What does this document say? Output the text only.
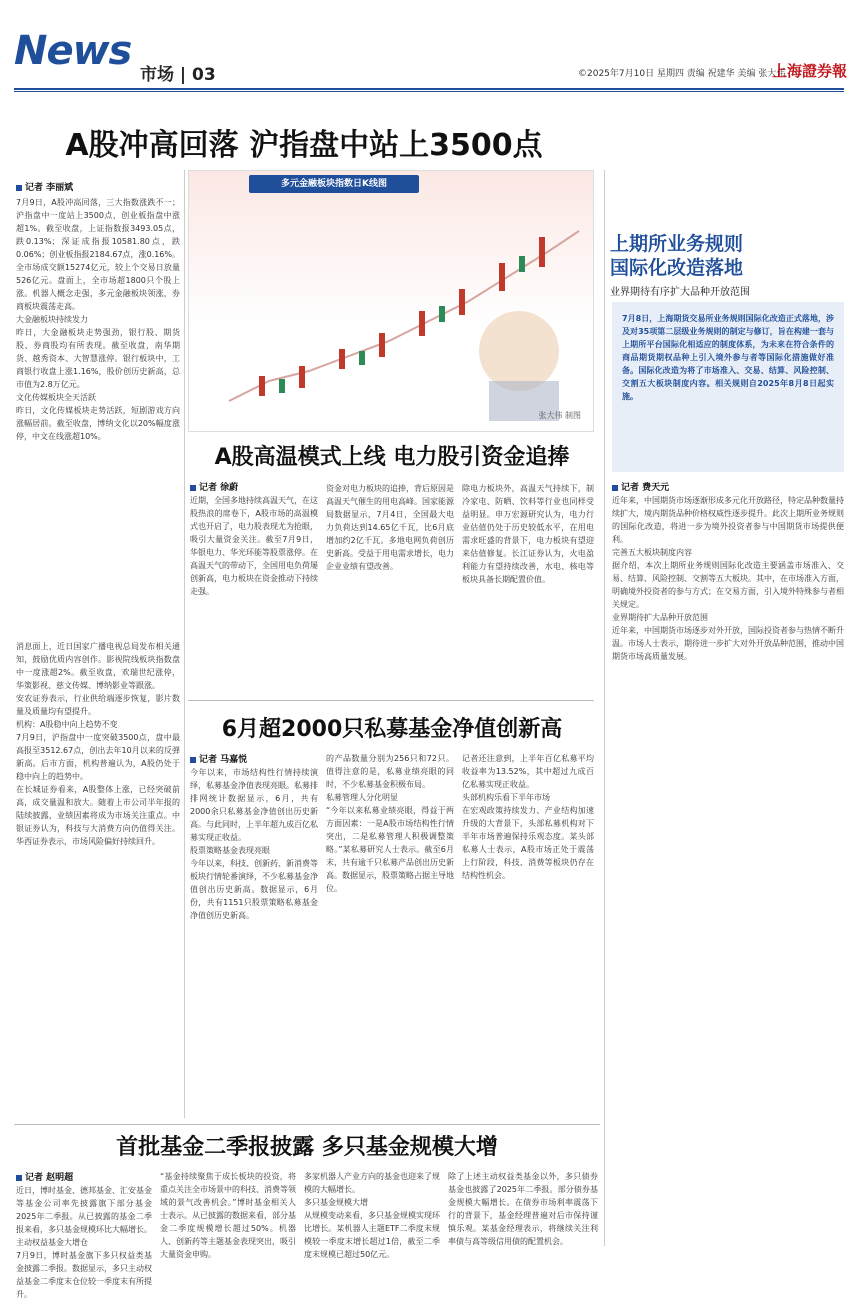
News
市场 | 03	©2025年7月10日 星期四 责编 祝建华 美编 张大伟
上海證券報
A股冲高回落 沪指盘中站上3500点
记者 李丽斌
7月9日，A股冲高回落，三大指数涨跌不一；沪指盘中一度站上3500点，创业板指盘中涨超1%。截至收盘，上证指数报3493.05点，跌0.13%；深证成指报10581.80点，跌0.06%；创业板指报2184.67点，涨0.16%。全市场成交额15274亿元，较上个交易日放量526亿元。盘面上，全市场超1800只个股上涨。机器人概念走强，多元金融板块领涨，券商板块震荡走高。
大金融板块持续发力
昨日，大金融板块走势强劲，银行股、期货股、券商股均有所表现。截至收盘，南华期货、越秀资本、大智慧涨停。银行板块中，工商银行收盘上涨1.16%，股价创历史新高，总市值为2.8万亿元。
文化传媒板块全天活跃
昨日，文化传媒板块走势活跃，短剧游戏方向涨幅居前。截至收盘，博纳文化以20%幅度涨停，中文在线涨超10%。
消息面上，近日国家广播电视总局发布相关通知，鼓励优质内容创作。影视院线板块指数盘中一度涨超2%。截至收盘，欢瑞世纪涨停，华策影视、慈文传媒、博纳影业等跟涨。
安农证券表示，行业供给端逐步恢复，影片数量及质量均有望提升。
机构：A股稳中向上趋势不变
7月9日，沪指盘中一度突破3500点，盘中最高报至3512.67点，创出去年10月以来的反弹新高。后市方面，机构普遍认为，A股仍处于稳中向上的趋势中。
在长城证券看来，A股整体上涨，已经突破前高，成交量温和放大。随着上市公司半年报的陆续披露，业绩因素将成为市场关注重点。中银证券认为，科技与大消费方向仍值得关注。华西证券表示，市场风险偏好持续回升。
多元金融板块指数日K线图
张大伟 制图
A股高温模式上线 电力股引资金追捧
记者 徐蔚
近期，全国多地持续高温天气，在这股热浪的席卷下，A股市场的高温模式也开启了，电力股表现尤为抢眼，吸引大量资金关注。截至7月9日，华银电力、华光环能等股票涨停。在高温天气的带动下，全国用电负荷屡创新高，电力板块在资金推动下持续走强。
资金对电力板块的追捧，背后原因是高温天气催生的用电高峰。国家能源局数据显示，7月4日，全国最大电力负荷达到14.65亿千瓦，比6月底增加约2亿千瓦。多地电网负荷创历史新高。受益于用电需求增长，电力企业业绩有望改善。
除电力板块外，高温天气持续下，制冷家电、防晒、饮料等行业也同样受益明显。申万宏源研究认为，电力行业估值仍处于历史较低水平，在用电需求旺盛的背景下，电力板块有望迎来估值修复。长江证券认为，火电盈利能力有望持续改善，水电、核电等板块具备长期配置价值。
6月超2000只私募基金净值创新高
记者 马嘉悦
今年以来，市场结构性行情持续演绎，私募基金净值表现亮眼。私募排排网统计数据显示，6月，共有2000余只私募基金净值创出历史新高。与此同时，上半年超九成百亿私募实现正收益。
股票策略基金表现亮眼
今年以来，科技、创新药、新消费等板块行情轮番演绎，不少私募基金净值创出历史新高。数据显示，6月份，共有1151只股票策略私募基金净值创历史新高。
的产品数量分别为256只和72只。值得注意的是，私募业绩亮眼的同时，不少私募基金积极布局。
私募管理人分化明显
“今年以来私募业绩亮眼，得益于两方面因素：一是A股市场结构性行情突出，二是私募管理人积极调整策略。”某私募研究人士表示。截至6月末，共有逾千只私募产品创出历史新高。数据显示，股票策略占据主导地位。
记者还注意到，上半年百亿私募平均收益率为13.52%，其中超过九成百亿私募实现正收益。
头部机构乐看下半年市场
在宏观政策持续发力、产业结构加速升级的大背景下，头部私募机构对下半年市场普遍保持乐观态度。某头部私募人士表示，A股市场正处于震荡上行阶段，科技、消费等板块仍存在结构性机会。
首批基金二季报披露 多只基金规模大增
记者 赵明超
近日，博时基金、德邦基金、汇安基金等基金公司率先披露旗下部分基金2025年二季报。从已披露的基金二季报来看，多只基金规模环比大幅增长。
主动权益基金大增仓
7月9日，博时基金旗下多只权益类基金披露二季报。数据显示，多只主动权益基金二季度末仓位较一季度末有所提升。
“基金持续聚焦于成长板块的投资，将重点关注全市场景中的科技、消费等领域的景气改善机会。”博时基金相关人士表示。从已披露的数据来看，部分基金二季度规模增长超过50%。机器人、创新药等主题基金表现突出，吸引大量资金申购。
多家机器人产业方向的基金也迎来了规模的大幅增长。
多只基金规模大增
从规模变动来看，多只基金规模实现环比增长。某机器人主题ETF二季度末规模较一季度末增长超过1倍，截至二季度末规模已超过50亿元。
除了上述主动权益类基金以外，多只债券基金也披露了2025年二季报。部分债券基金规模大幅增长。在债券市场利率震荡下行的背景下，基金经理普遍对后市保持谨慎乐观。某基金经理表示，将继续关注利率债与高等级信用债的配置机会。
上期所业务规则
国际化改造落地
业界期待有序扩大品种开放范围
7月8日，上海期货交易所业务规则国际化改造正式落地，涉及对35项第二层级业务规则的制定与修订，旨在构建一套与上期所平台国际化相适应的制度体系，为未来在符合条件的商品期货期权品种上引入境外参与者等国际化措施做好准备。国际化改造为将了市场准入、交易、结算、风险控制、交割五大板块制度内容。相关规则自2025年8月8日起实施。
记者 费天元
近年来，中国期货市场逐渐形成多元化开放路径，特定品种数量持续扩大，境内期货品种价格权威性逐步提升。此次上期所业务规则的国际化改造，将进一步为境外投资者参与中国期货市场提供便利。
完善五大板块制度内容
据介绍，本次上期所业务规则国际化改造主要涵盖市场准入、交易、结算、风险控制、交割等五大板块。其中，在市场准入方面，明确境外投资者的参与方式；在交易方面，引入境外特殊参与者相关规定。
业界期待扩大品种开放范围
近年来，中国期货市场逐步对外开放，国际投资者参与热情不断升温。市场人士表示，期待进一步扩大对外开放品种范围，推动中国期货市场高质量发展。
